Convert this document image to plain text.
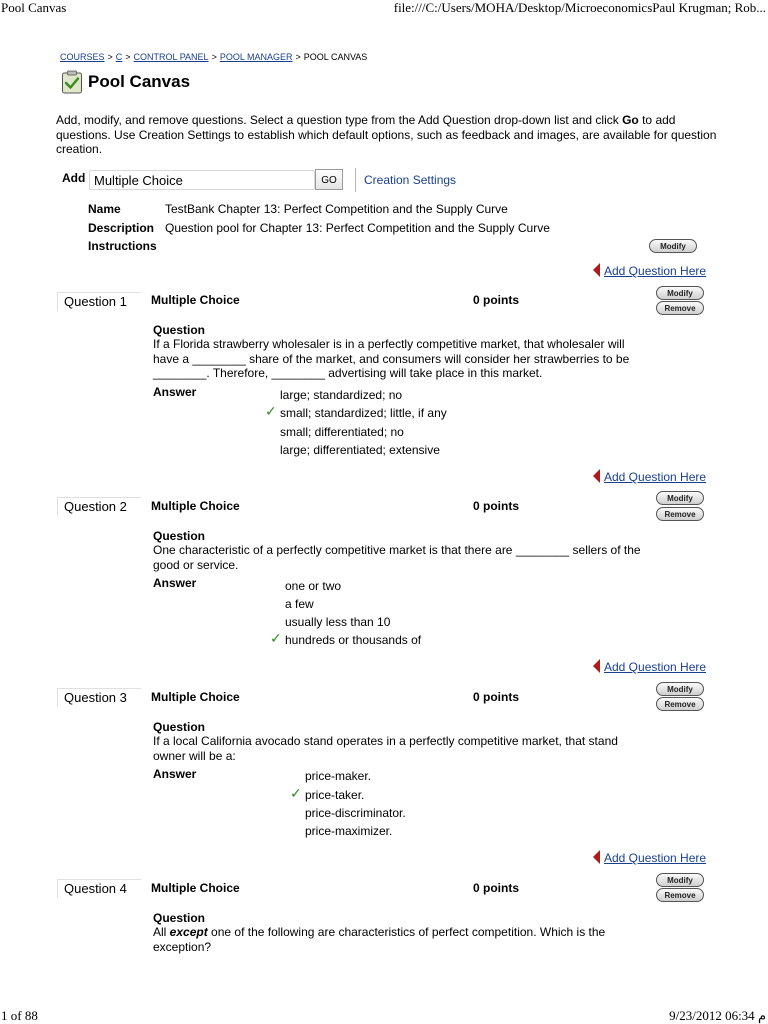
Pool Canvas	file:///C:/Users/MOHA/Desktop/MicroeconomicsPaul Krugman; Rob...
COURSES > C > CONTROL PANEL > POOL MANAGER > POOL CANVAS
Pool Canvas
Add, modify, and remove questions. Select a question type from the Add Question drop-down list and click Go to add questions. Use Creation Settings to establish which default options, such as feedback and images, are available for question creation.
Add Multiple Choice	GO	Creation Settings
Name	TestBank Chapter 13: Perfect Competition and the Supply Curve
Description Question pool for Chapter 13: Perfect Competition and the Supply Curve
Instructions	Modify
Add Question Here
Question 1 Multiple Choice	0 points	Modify
Remove
Question
If a Florida strawberry wholesaler is in a perfectly competitive market, that wholesaler will have a ________ share of the market, and consumers will consider her strawberries to be ________. Therefore, ________ advertising will take place in this market.
Answer	large; standardized; no
✓ small; standardized; little, if any
small; differentiated; no
large; differentiated; extensive
Add Question Here
Question 2 Multiple Choice	0 points
Modify
Remove
Question
One characteristic of a perfectly competitive market is that there are ________ sellers of the good or service.
Answer	one or two
a few
usually less than 10
✓ hundreds or thousands of
Add Question Here
Question 3 Multiple Choice	0 points
Modify
Remove
Question
If a local California avocado stand operates in a perfectly competitive market, that stand owner will be a:
Answer	price-maker.
✓ price-taker.
price-discriminator.
price-maximizer.
Add Question Here
Question 4 Multiple Choice	0 points
Modify
Remove
Question
All except one of the following are characteristics of perfect competition. Which is the exception?
1 of 88	9/23/2012 06:34 م
